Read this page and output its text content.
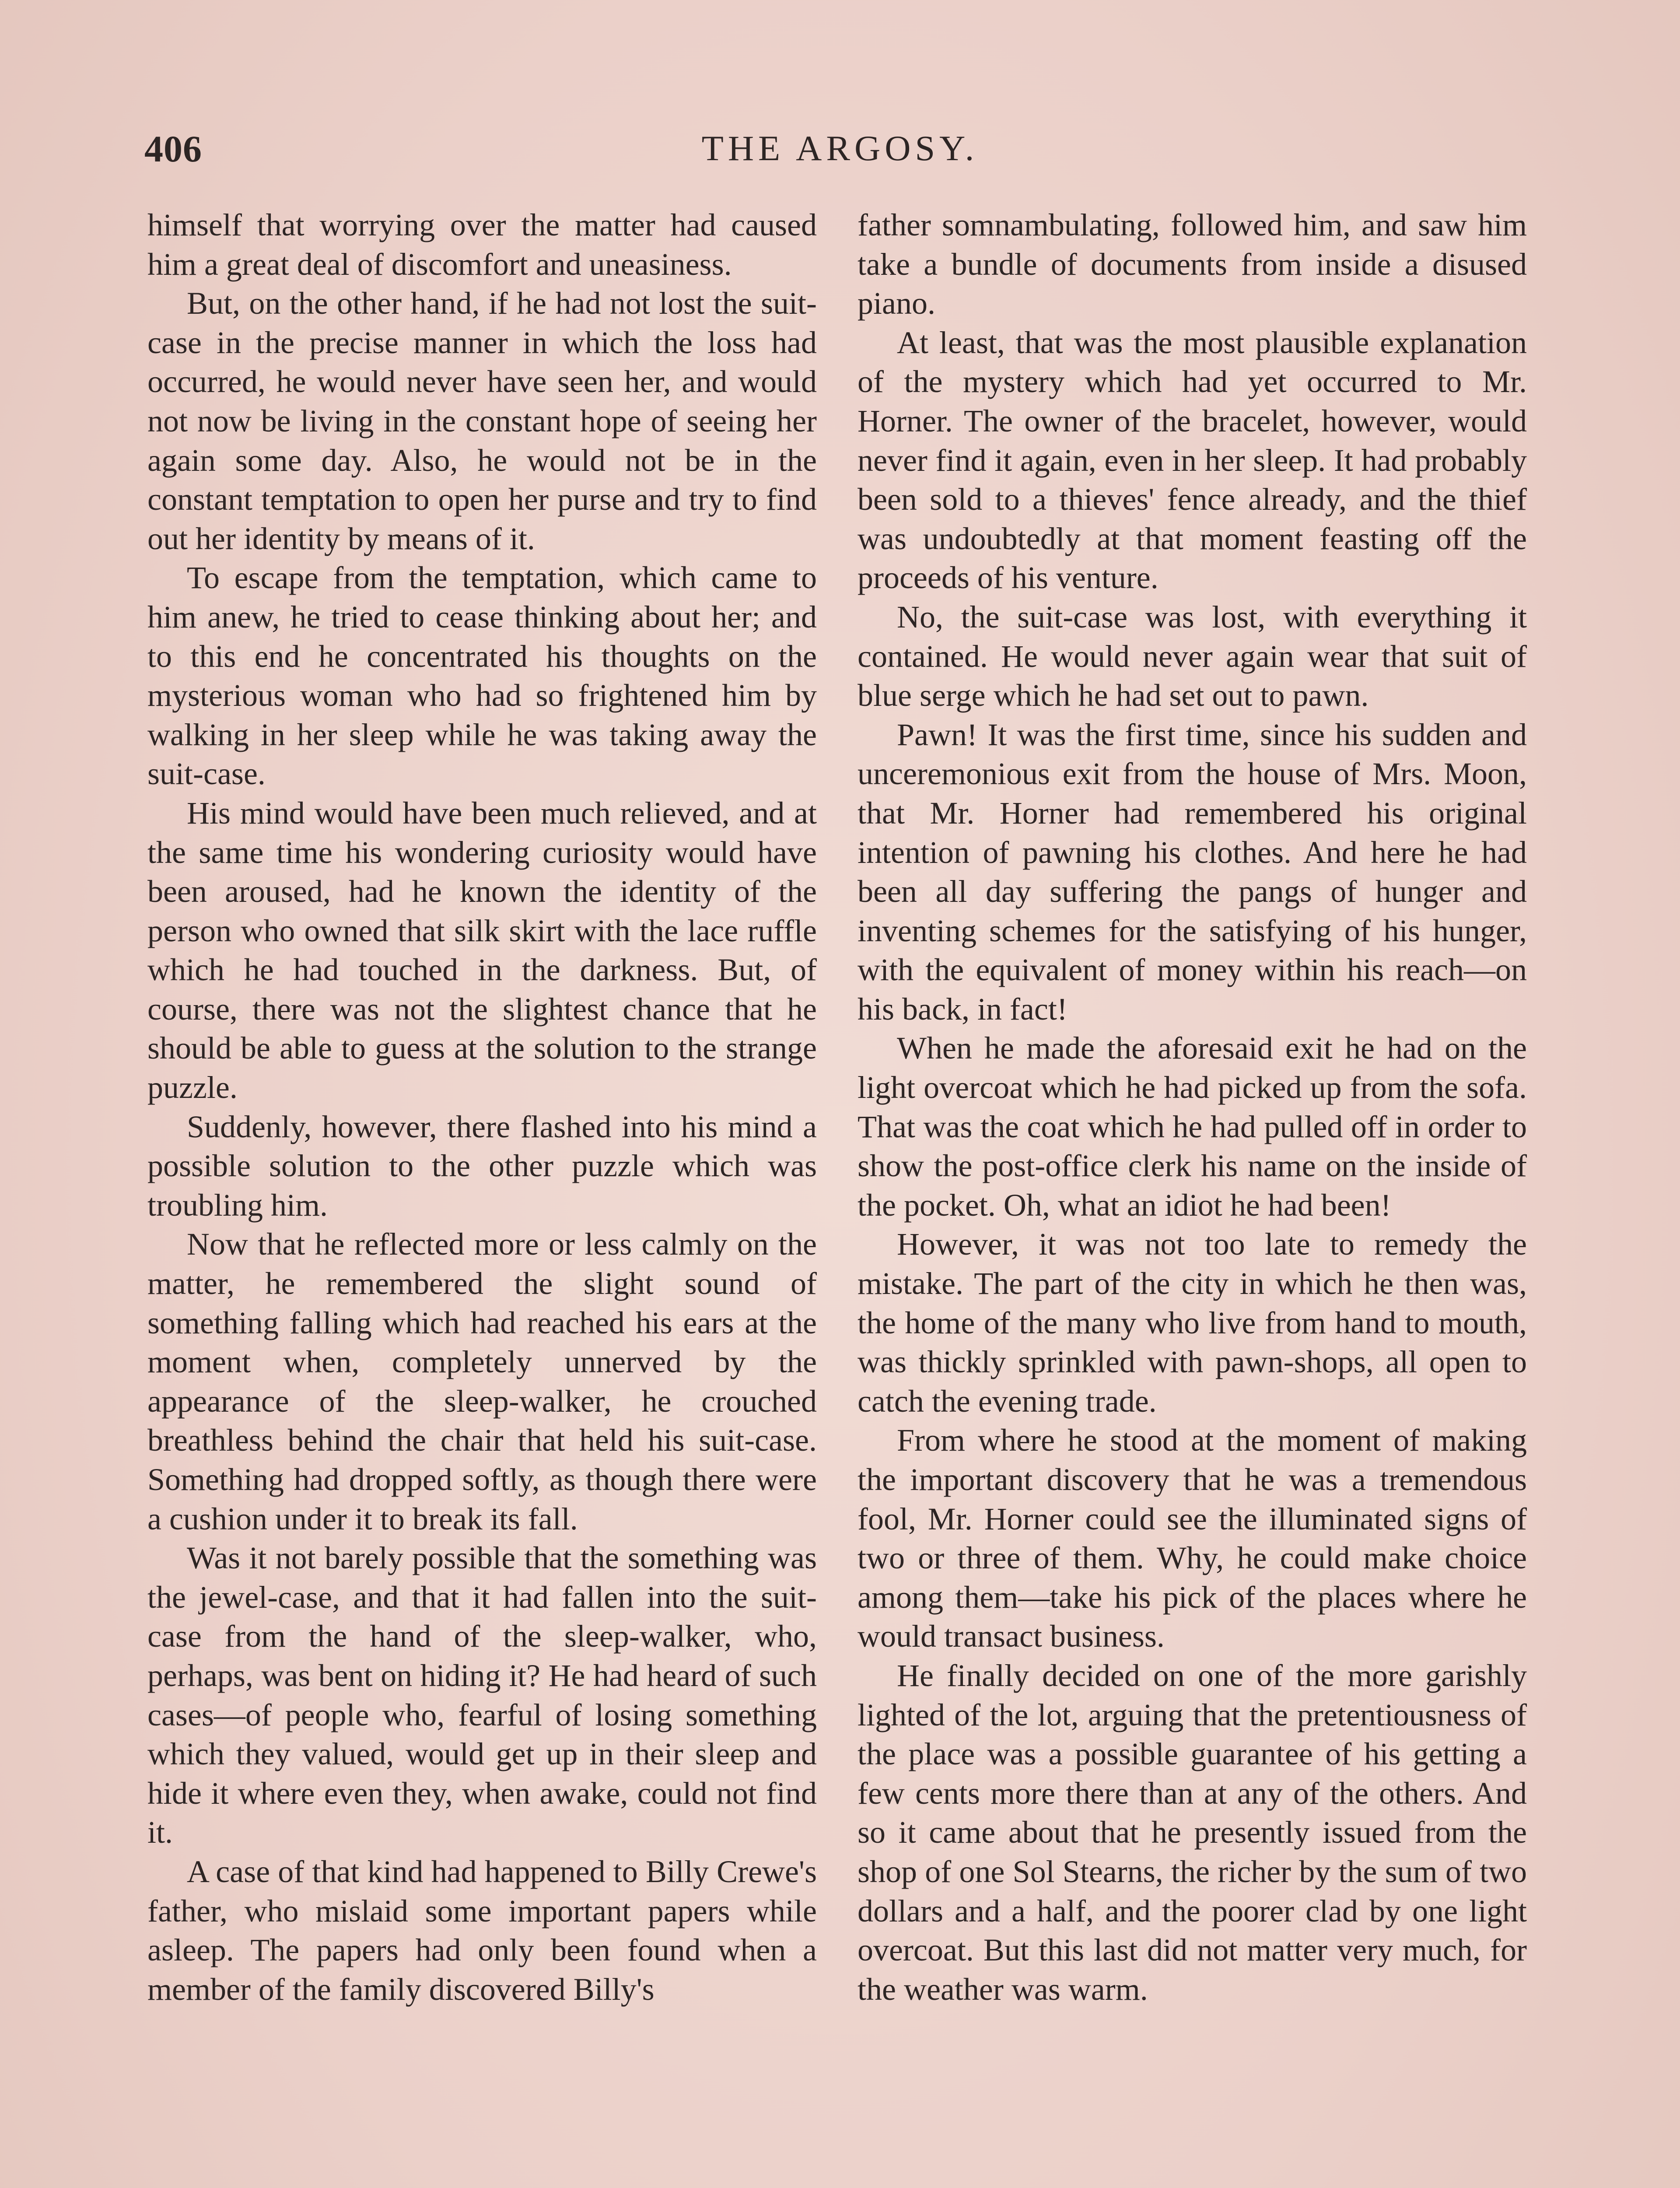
406	THE ARGOSY.

himself that worrying over the matter had caused him a great deal of discomfort and uneasiness.

But, on the other hand, if he had not lost the suit-case in the precise manner in which the loss had occurred, he would never have seen her, and would not now be living in the constant hope of seeing her again some day. Also, he would not be in the constant temptation to open her purse and try to find out her identity by means of it.

To escape from the temptation, which came to him anew, he tried to cease thinking about her; and to this end he concentrated his thoughts on the mysterious woman who had so frightened him by walking in her sleep while he was taking away the suit-case.

His mind would have been much relieved, and at the same time his wondering curiosity would have been aroused, had he known the identity of the person who owned that silk skirt with the lace ruffle which he had touched in the darkness. But, of course, there was not the slightest chance that he should be able to guess at the solution to the strange puzzle.

Suddenly, however, there flashed into his mind a possible solution to the other puzzle which was troubling him.

Now that he reflected more or less calmly on the matter, he remembered the slight sound of something falling which had reached his ears at the moment when, completely unnerved by the appearance of the sleep-walker, he crouched breathless behind the chair that held his suit-case. Something had dropped softly, as though there were a cushion under it to break its fall.

Was it not barely possible that the something was the jewel-case, and that it had fallen into the suit-case from the hand of the sleep-walker, who, perhaps, was bent on hiding it? He had heard of such cases—of people who, fearful of losing something which they valued, would get up in their sleep and hide it where even they, when awake, could not find it.

A case of that kind had happened to Billy Crewe's father, who mislaid some important papers while asleep. The papers had only been found when a member of the family discovered Billy's

father somnambulating, followed him, and saw him take a bundle of documents from inside a disused piano.

At least, that was the most plausible explanation of the mystery which had yet occurred to Mr. Horner. The owner of the bracelet, however, would never find it again, even in her sleep. It had probably been sold to a thieves' fence already, and the thief was undoubtedly at that moment feasting off the proceeds of his venture.

No, the suit-case was lost, with everything it contained. He would never again wear that suit of blue serge which he had set out to pawn.

Pawn! It was the first time, since his sudden and unceremonious exit from the house of Mrs. Moon, that Mr. Horner had remembered his original intention of pawning his clothes. And here he had been all day suffering the pangs of hunger and inventing schemes for the satisfying of his hunger, with the equivalent of money within his reach—on his back, in fact!

When he made the aforesaid exit he had on the light overcoat which he had picked up from the sofa. That was the coat which he had pulled off in order to show the post-office clerk his name on the inside of the pocket. Oh, what an idiot he had been!

However, it was not too late to remedy the mistake. The part of the city in which he then was, the home of the many who live from hand to mouth, was thickly sprinkled with pawn-shops, all open to catch the evening trade.

From where he stood at the moment of making the important discovery that he was a tremendous fool, Mr. Horner could see the illuminated signs of two or three of them. Why, he could make choice among them—take his pick of the places where he would transact business.

He finally decided on one of the more garishly lighted of the lot, arguing that the pretentiousness of the place was a possible guarantee of his getting a few cents more there than at any of the others. And so it came about that he presently issued from the shop of one Sol Stearns, the richer by the sum of two dollars and a half, and the poorer clad by one light overcoat. But this last did not matter very much, for the weather was warm.
